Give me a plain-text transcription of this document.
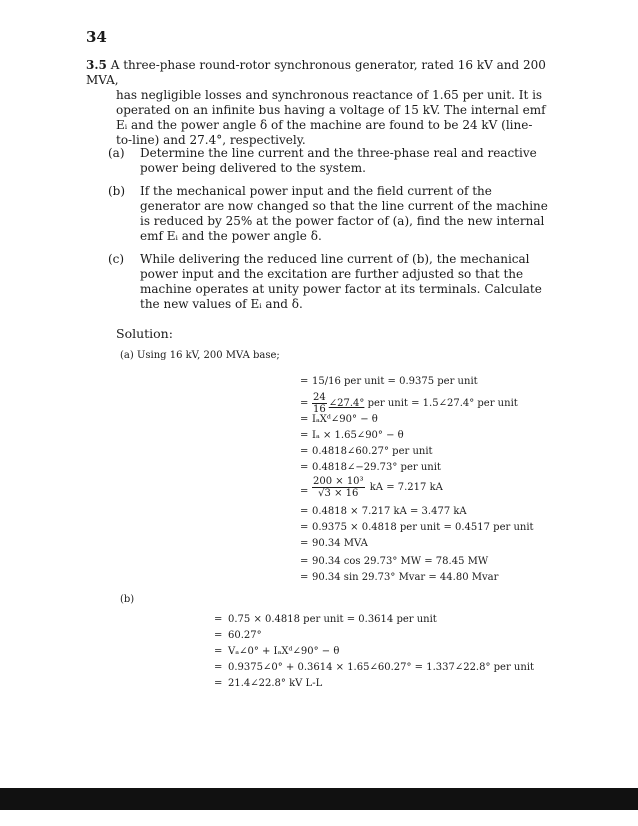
34

3.5 A three-phase round-rotor synchronous generator, rated 16 kV and 200 MVA,

has negligible losses and synchronous reactance of 1.65 per unit. It is operated on an infinite bus having a voltage of 15 kV. The internal emf Eᵢ and the power angle δ of the machine are found to be 24 kV (line-to-line) and 27.4°, respectively.

(a)	Determine the line current and the three-phase real and reactive power being delivered to the system.
(b)	If the mechanical power input and the field current of the generator are now changed so that the line current of the machine is reduced by 25% at the power factor of (a), find the new internal emf Eᵢ and the power angle δ.
(c)	While delivering the reduced line current of (b), the mechanical power input and the excitation are further adjusted so that the machine operates at unity power factor at its terminals. Calculate the new values of Eᵢ and δ.
Solution:
(a) Using 16 kV, 200 MVA base;
= 15/16 per unit = 0.9375 per unit
= $\frac{24}{16}$ ∠27.4° per unit = 1.5∠27.4° per unit
= IₐXᵈ∠90° − θ
= Iₐ × 1.65∠90° − θ
= 0.4818∠60.27° per unit
= 0.4818∠−29.73° per unit
= $\frac{\text{200 × 10³}}{√3 \times 16}$ kA = 7.217 kA
= 0.4818 × 7.217 kA = 3.477 kA
= 0.9375 × 0.4818 per unit = 0.4517 per unit
= 90.34 MVA
= 90.34 cos 29.73° MW = 78.45 MW
= 90.34 sin 29.73° Mvar = 44.80 Mvar
(b)
= 0.75 × 0.4818 per unit = 0.3614 per unit
= 60.27°
= Vₐ∠0° + IₐXᵈ∠90° − θ
= 0.9375∠0° + 0.3614 × 1.65∠60.27° = 1.337∠22.8° per unit
= 21.4∠22.8° kV L-L
